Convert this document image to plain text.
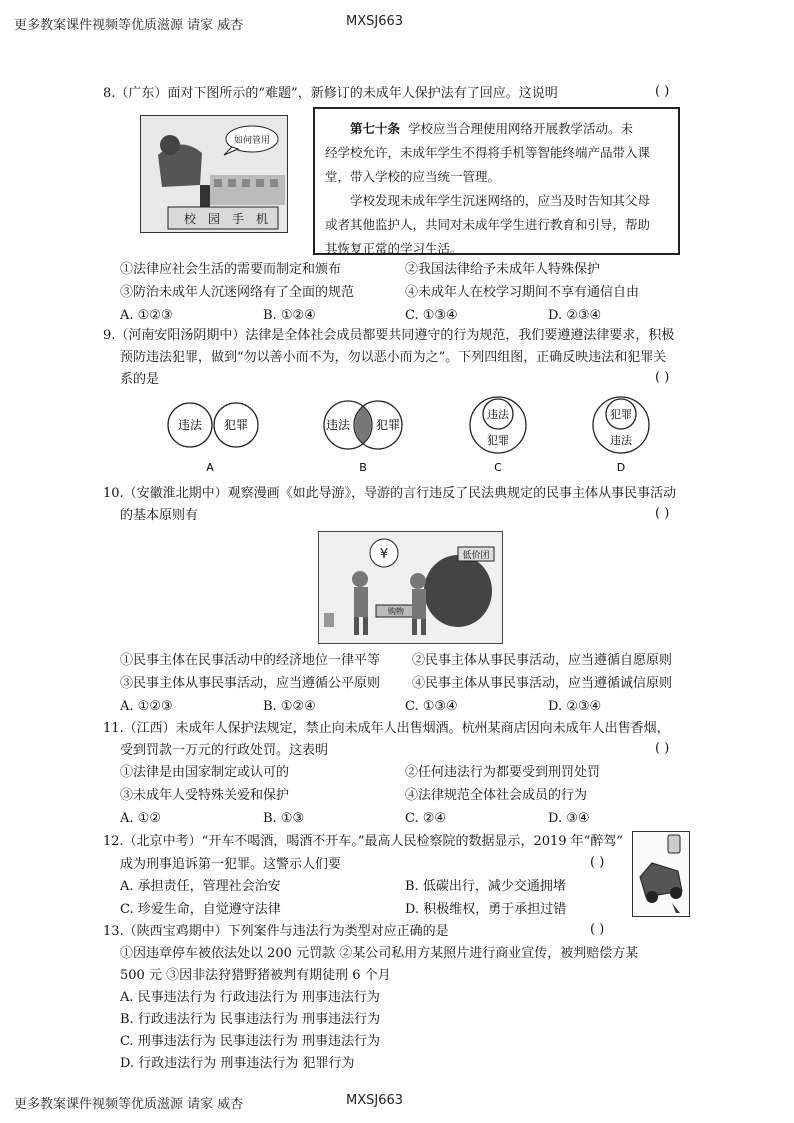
更多教案课件视频等优质滋源 请家 威杏	MXSJ663
8.（广东）面对下图所示的“难题”，新修订的未成年人保护法有了回应。这说明	( )
如何管用
校 园 手 机

第七十条 学校应当合理使用网络开展教学活动。未

经学校允许，未成年学生不得将手机等智能终端产品带入课

堂，带入学校的应当统一管理。

学校发现未成年学生沉迷网络的，应当及时告知其父母

或者其他监护人，共同对未成年学生进行教育和引导，帮助

其恢复正常的学习生活。

①法律应社会生活的需要而制定和颁布	②我国法律给予未成年人特殊保护
③防治未成年人沉迷网络有了全面的规范	④未成年人在校学习期间不享有通信自由
A. ①②③	B. ①②④	C. ①③④	D. ②③④
9.（河南安阳汤阴期中）法律是全体社会成员都要共同遵守的行为规范，我们要遵遵法律要求，积极
预防违法犯罪，做到“勿以善小而不为，勿以恶小而为之”。下列四组图，正确反映违法和犯罪关
系的是	( )
违法 犯罪
A
违法 犯罪
B
违法
犯罪
C
犯罪
违法
D
10.（安徽淮北期中）观察漫画《如此导游》，导游的言行违反了民法典规定的民事主体从事民事活动
的基本原则有	( )
¥	低价团
购物
①民事主体在民事活动中的经济地位一律平等 ②民事主体从事民事活动，应当遵循自愿原则
③民事主体从事民事活动，应当遵循公平原则 ④民事主体从事民事活动，应当遵循诚信原则
A. ①②③	B. ①②④	C. ①③④	D. ②③④
11.（江西）未成年人保护法规定，禁止向未成年人出售烟酒。杭州某商店因向未成年人出售香烟，
受到罚款一万元的行政处罚。这表明	( )
①法律是由国家制定或认可的	②任何违法行为都要受到刑罚处罚
③未成年人受特殊关爱和保护	④法律规范全体社会成员的行为
A. ①②	B. ①③	C. ②④	D. ③④
12.（北京中考）“开车不喝酒，喝酒不开车。”最高人民检察院的数据显示，2019 年“醉驾”
成为刑事追诉第一犯罪。这警示人们要	( )
A. 承担责任，管理社会治安	B. 低碳出行，减少交通拥堵
C. 珍爱生命，自觉遵守法律	D. 积极维权，勇于承担过错
13.（陕西宝鸡期中）下列案件与违法行为类型对应正确的是	( )
①因违章停车被依法处以 200 元罚款 ②某公司私用方某照片进行商业宣传，被判赔偿方某
500 元 ③因非法狩猎野猪被判有期徒刑 6 个月
A. 民事违法行为 行政违法行为 刑事违法行为
B. 行政违法行为 民事违法行为 刑事违法行为
C. 刑事违法行为 民事违法行为 刑事违法行为
D. 行政违法行为 刑事违法行为 犯罪行为
更多教案课件视频等优质滋源 请家 威杏	MXSJ663
